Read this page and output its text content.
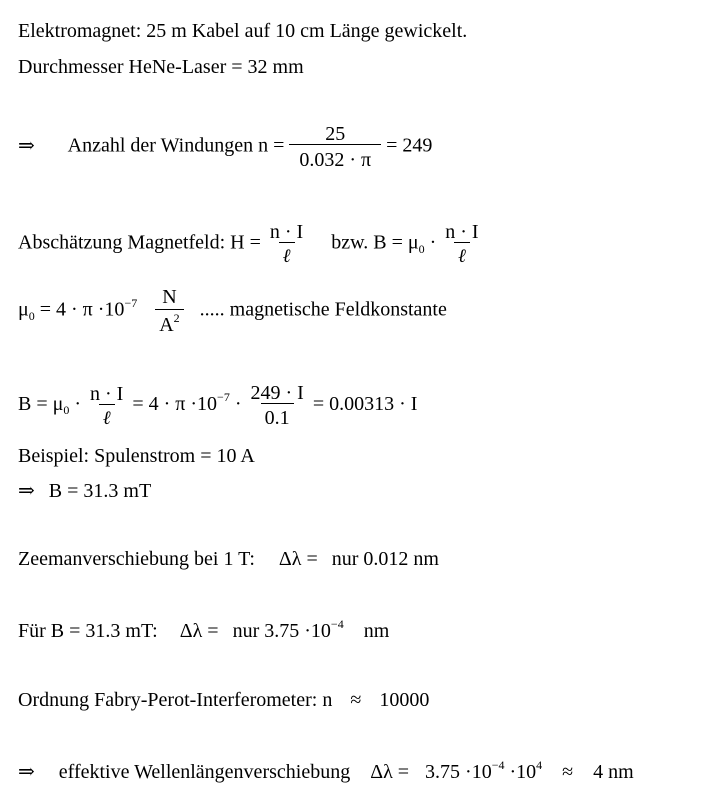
Elektromagnet: 25 m Kabel auf 10 cm Länge gewickelt.
Durchmesser HeNe-Laser = 32 mm
⇒ Anzahl der Windungen $n = \frac{25}{0.032 \cdot \pi} = 249$
Abschätzung Magnetfeld: $H = \frac{n \cdot I}{\text{ℓ}}$ bzw. $B = \mu_0 \cdot \frac{n \cdot I}{\text{ℓ}}$
$\mu_0 = 4 \cdot \pi \cdot 10^{-7} \frac{N}{A^2}$ ..... magnetische Feldkonstante
$B = \mu_0 \cdot \frac{n \cdot I}{\text{ℓ}} = 4 \cdot \pi \cdot 10^{-7} \cdot \frac{249 \cdot I}{0.1} = 0.00313 \cdot I$
Beispiel: Spulenstrom = 10 A
⇒ B = 31.3 mT
Zeemanverschiebung bei 1 T: Δλ = nur 0.012 nm
Für B = 31.3 mT: Δλ = nur $3.75 \cdot 10^{-4}$ nm
Ordnung Fabry-Perot-Interferometer: n ≈ 10000
⇒ effektive Wellenlängenverschiebung $\Delta\lambda = 3.75 \cdot 10^{-4} \cdot 10^4 \approx 4$ nm
